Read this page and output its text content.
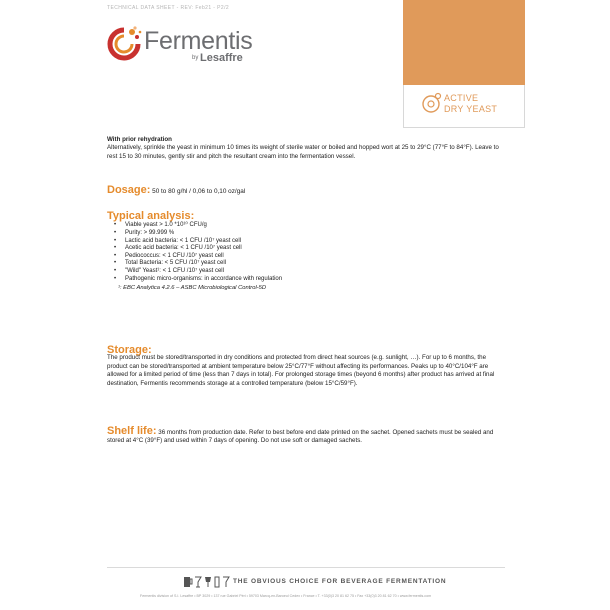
TECHNICAL DATA SHEET - REV: Feb21 - P2/2
Fermentis
by Lesaffre
ACTIVE
DRY YEAST

With prior rehydration

Alternatively, sprinkle the yeast in minimum 10 times its weight of sterile water or boiled and hopped wort at 25 to 29°C (77°F to 84°F). Leave to rest 15 to 30 minutes, gently stir and pitch the resultant cream into the fermentation vessel.

Dosage: 50 to 80 g/hl / 0,06 to 0,10 oz/gal
Typical analysis:
• Viable yeast > 1.0 *10¹⁰ CFU/g
• Purity: > 99.999 %
• Lactic acid bacteria: < 1 CFU /10⁷ yeast cell
• Acetic acid bacteria: < 1 CFU /10⁷ yeast cell
• Pediococcus: < 1 CFU /10⁷ yeast cell
• Total Bacteria: < 5 CFU /10⁷ yeast cell
• "Wild" Yeast¹: < 1 CFU /10⁷ yeast cell
• Pathogenic micro-organisms: in accordance with regulation
¹: EBC Analytica 4.2.6 – ASBC Microbiological Control-5D
Storage:

The product must be stored/transported in dry conditions and protected from direct heat sources (e.g. sunlight, …). For up to 6 months, the product can be stored/transported at ambient temperature below 25°C/77°F without affecting its performances. Peaks up to 40°C/104°F are allowed for a limited period of time (less than 7 days in total). For prolonged storage times (beyond 6 months) after product has arrived at final destination, Fermentis recommends storage at a controlled temperature (below 15°C/59°F).

Shelf life: 36 months from production date. Refer to best before end date printed on the sachet. Opened sachets must be sealed and stored at 4°C (39°F) and used within 7 days of opening. Do not use soft or damaged sachets.
THE OBVIOUS CHOICE FOR BEVERAGE FERMENTATION
Fermentis division of S.I. Lesaffre • BP 3029 • 137 rue Gabriel Péri • 59703 Marcq-en-Baroeul Cedex • France • T. +33(0)3 20 81 62 75 • Fax +33(0)3 20 81 62 70 • www.fermentis.com
